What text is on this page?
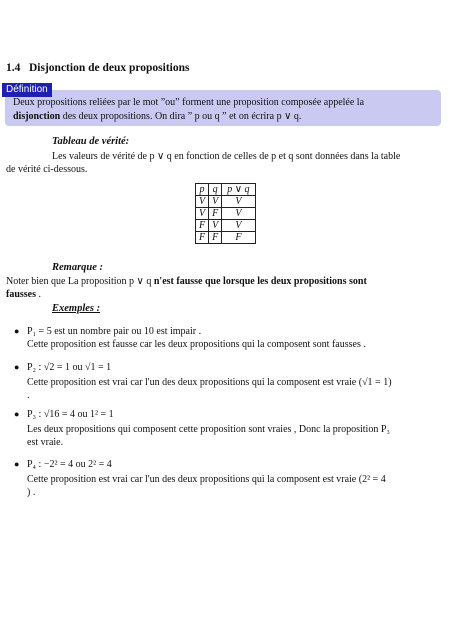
1.4 Disjonction de deux propositions
Deux propositions reliées par le mot ”ou” forment une proposition composée appelée la
disjonction des deux propositions. On dira ” p ou q ” et on écrira p ∨ q.
Définition
Tableau de vérité:
Les valeurs de vérité de p ∨ q en fonction de celles de p et q sont données dans la table
de vérité ci-dessous.
p	q	p ∨ q
V	V	V
V	F	V
F	V	V
F	F	F
Remarque :
Noter bien que La proposition p ∨ q n'est fausse que lorsque les deux propositions sont
fausses .
Exemples :
● P₁ = 5 est un nombre pair ou 10 est impair .
Cette proposition est fausse car les deux propositions qui la composent sont fausses .
● P₂ : √2 = 1 ou √1 = 1
Cette proposition est vrai car l'un des deux propositions qui la composent est vraie (√1 = 1)
.
● P₃ : √16 = 4 ou 1² = 1
Les deux propositions qui composent cette proposition sont vraies , Donc la proposition P₃
est vraie.
● P₄ : −2² = 4 ou 2² = 4
Cette proposition est vrai car l'un des deux propositions qui la composent est vraie (2² = 4
) .
